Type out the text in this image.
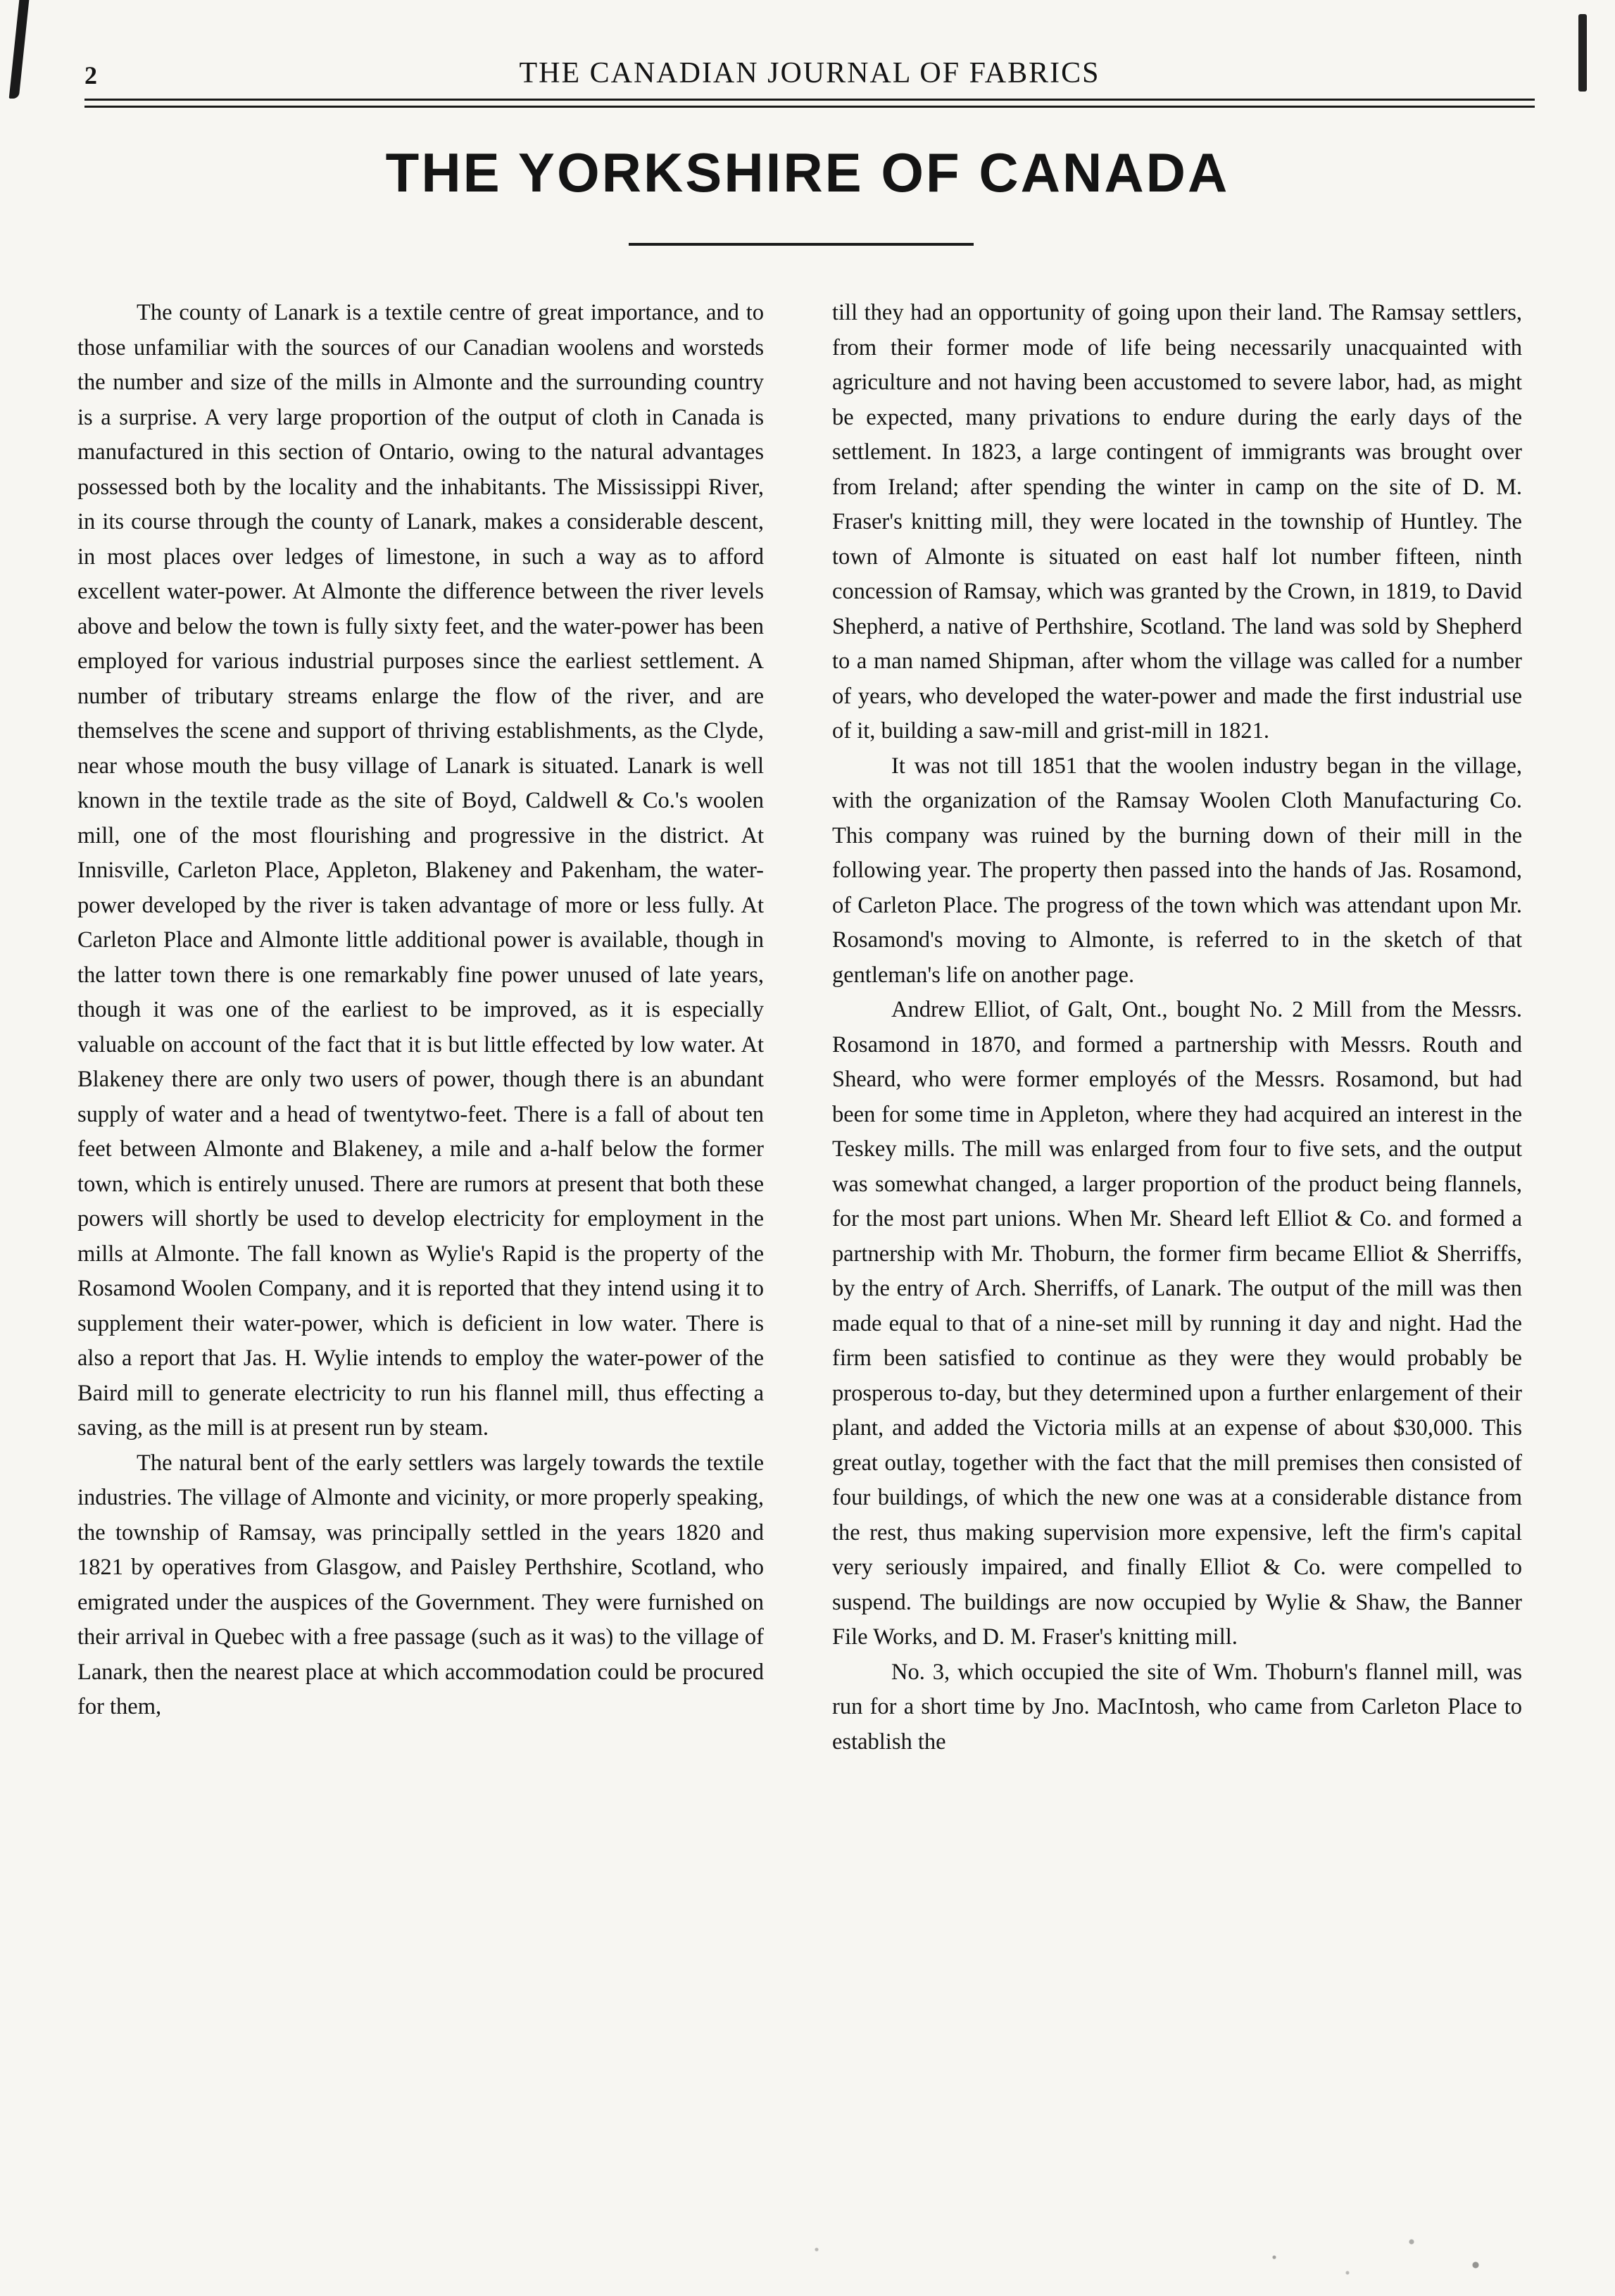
2	THE CANADIAN JOURNAL OF FABRICS
THE YORKSHIRE OF CANADA

The county of Lanark is a textile centre of great importance, and to those unfamiliar with the sources of our Canadian woolens and worsteds the number and size of the mills in Almonte and the surrounding country is a surprise. A very large proportion of the output of cloth in Canada is manufactured in this section of Ontario, owing to the natural advantages possessed both by the locality and the inhabitants. The Mississippi River, in its course through the county of Lanark, makes a considerable descent, in most places over ledges of limestone, in such a way as to afford excellent water-power. At Almonte the difference between the river levels above and below the town is fully sixty feet, and the water-power has been employed for various industrial purposes since the earliest settlement. A number of tributary streams enlarge the flow of the river, and are themselves the scene and support of thriving establishments, as the Clyde, near whose mouth the busy village of Lanark is situated. Lanark is well known in the textile trade as the site of Boyd, Caldwell & Co.'s woolen mill, one of the most flourishing and progressive in the district. At Innisville, Carleton Place, Appleton, Blakeney and Pakenham, the water-power developed by the river is taken advantage of more or less fully. At Carleton Place and Almonte little additional power is available, though in the latter town there is one remarkably fine power unused of late years, though it was one of the earliest to be improved, as it is especially valuable on account of the fact that it is but little effected by low water. At Blakeney there are only two users of power, though there is an abundant supply of water and a head of twentytwo-feet. There is a fall of about ten feet between Almonte and Blakeney, a mile and a-half below the former town, which is entirely unused. There are rumors at present that both these powers will shortly be used to develop electricity for employment in the mills at Almonte. The fall known as Wylie's Rapid is the property of the Rosamond Woolen Company, and it is reported that they intend using it to supplement their water-power, which is deficient in low water. There is also a report that Jas. H. Wylie intends to employ the water-power of the Baird mill to generate electricity to run his flannel mill, thus effecting a saving, as the mill is at present run by steam.

The natural bent of the early settlers was largely towards the textile industries. The village of Almonte and vicinity, or more properly speaking, the township of Ramsay, was principally settled in the years 1820 and 1821 by operatives from Glasgow, and Paisley Perthshire, Scotland, who emigrated under the auspices of the Government. They were furnished on their arrival in Quebec with a free passage (such as it was) to the village of Lanark, then the nearest place at which accommodation could be procured for them,

till they had an opportunity of going upon their land. The Ramsay settlers, from their former mode of life being necessarily unacquainted with agriculture and not having been accustomed to severe labor, had, as might be expected, many privations to endure during the early days of the settlement. In 1823, a large contingent of immigrants was brought over from Ireland; after spending the winter in camp on the site of D. M. Fraser's knitting mill, they were located in the township of Huntley. The town of Almonte is situated on east half lot number fifteen, ninth concession of Ramsay, which was granted by the Crown, in 1819, to David Shepherd, a native of Perthshire, Scotland. The land was sold by Shepherd to a man named Shipman, after whom the village was called for a number of years, who developed the water-power and made the first industrial use of it, building a saw-mill and grist-mill in 1821.

It was not till 1851 that the woolen industry began in the village, with the organization of the Ramsay Woolen Cloth Manufacturing Co. This company was ruined by the burning down of their mill in the following year. The property then passed into the hands of Jas. Rosamond, of Carleton Place. The progress of the town which was attendant upon Mr. Rosamond's moving to Almonte, is referred to in the sketch of that gentleman's life on another page.

Andrew Elliot, of Galt, Ont., bought No. 2 Mill from the Messrs. Rosamond in 1870, and formed a partnership with Messrs. Routh and Sheard, who were former employés of the Messrs. Rosamond, but had been for some time in Appleton, where they had acquired an interest in the Teskey mills. The mill was enlarged from four to five sets, and the output was somewhat changed, a larger proportion of the product being flannels, for the most part unions. When Mr. Sheard left Elliot & Co. and formed a partnership with Mr. Thoburn, the former firm became Elliot & Sherriffs, by the entry of Arch. Sherriffs, of Lanark. The output of the mill was then made equal to that of a nine-set mill by running it day and night. Had the firm been satisfied to continue as they were they would probably be prosperous to-day, but they determined upon a further enlargement of their plant, and added the Victoria mills at an expense of about $30,000. This great outlay, together with the fact that the mill premises then consisted of four buildings, of which the new one was at a considerable distance from the rest, thus making supervision more expensive, left the firm's capital very seriously impaired, and finally Elliot & Co. were compelled to suspend. The buildings are now occupied by Wylie & Shaw, the Banner File Works, and D. M. Fraser's knitting mill.

No. 3, which occupied the site of Wm. Thoburn's flannel mill, was run for a short time by Jno. MacIntosh, who came from Carleton Place to establish the
